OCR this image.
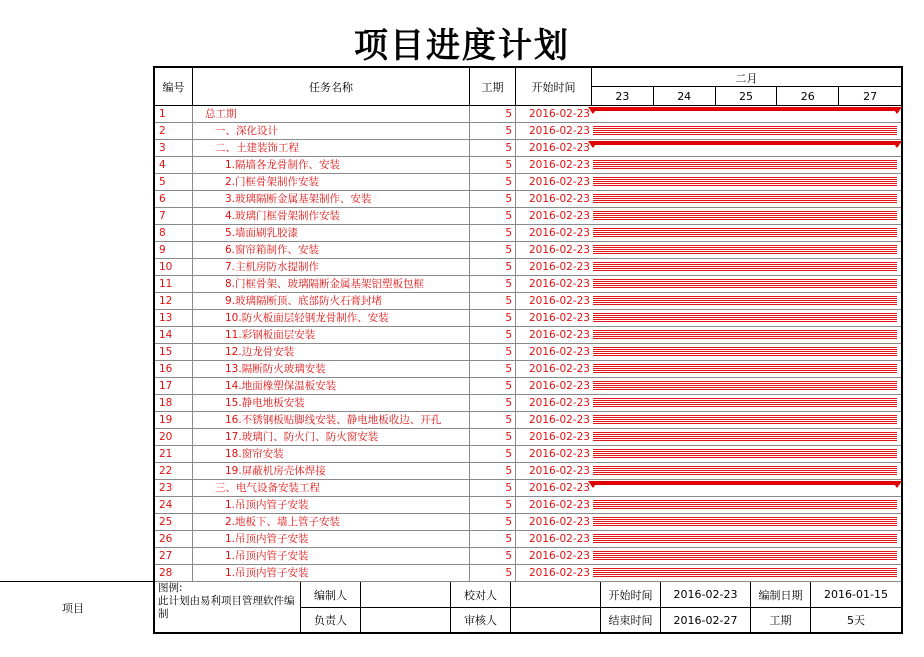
项目进度计划
项目
编号	任务名称	工期	开始时间
二月
23	24	25	26	27
1	总工期	5	2016-02-23
2	一、深化设计	5	2016-02-23
3	二、土建装饰工程	5	2016-02-23
4	1.隔墙各龙骨制作、安装	5	2016-02-23
5	2.门框骨架制作安装	5	2016-02-23
6	3.玻璃隔断金属基架制作、安装	5	2016-02-23
7	4.玻璃门框骨架制作安装	5	2016-02-23
8	5.墙面刷乳胶漆	5	2016-02-23
9	6.窗帘箱制作、安装	5	2016-02-23
10	7.主机房防水提制作	5	2016-02-23
11	8.门框骨架、玻璃隔断金属基架铝塑板包框	5	2016-02-23
12	9.玻璃隔断顶、底部防火石膏封堵	5	2016-02-23
13	10.防火板面层轻钢龙骨制作、安装	5	2016-02-23
14	11.彩钢板面层安装	5	2016-02-23
15	12.边龙骨安装	5	2016-02-23
16	13.隔断防火玻璃安装	5	2016-02-23
17	14.地面橡塑保温板安装	5	2016-02-23
18	15.静电地板安装	5	2016-02-23
19	16.不锈钢板贴脚线安装、静电地板收边、开孔	5	2016-02-23
20	17.玻璃门、防火门、防火窗安装	5	2016-02-23
21	18.窗帘安装	5	2016-02-23
22	19.屏蔽机房壳体焊接	5	2016-02-23
23	三、电气设备安装工程	5	2016-02-23
24	1.吊顶内管子安装	5	2016-02-23
25	2.地板下、墙上管子安装	5	2016-02-23
26	1.吊顶内管子安装	5	2016-02-23
27	1.吊顶内管子安装	5	2016-02-23
28	1.吊顶内管子安装	5	2016-02-23
图例:
此计划由易利项目管理软件编制
编制人	校对人
负责人	审核人
开始时间	2016-02-23	编制日期	2016-01-15
结束时间	2016-02-27	工期	5天
